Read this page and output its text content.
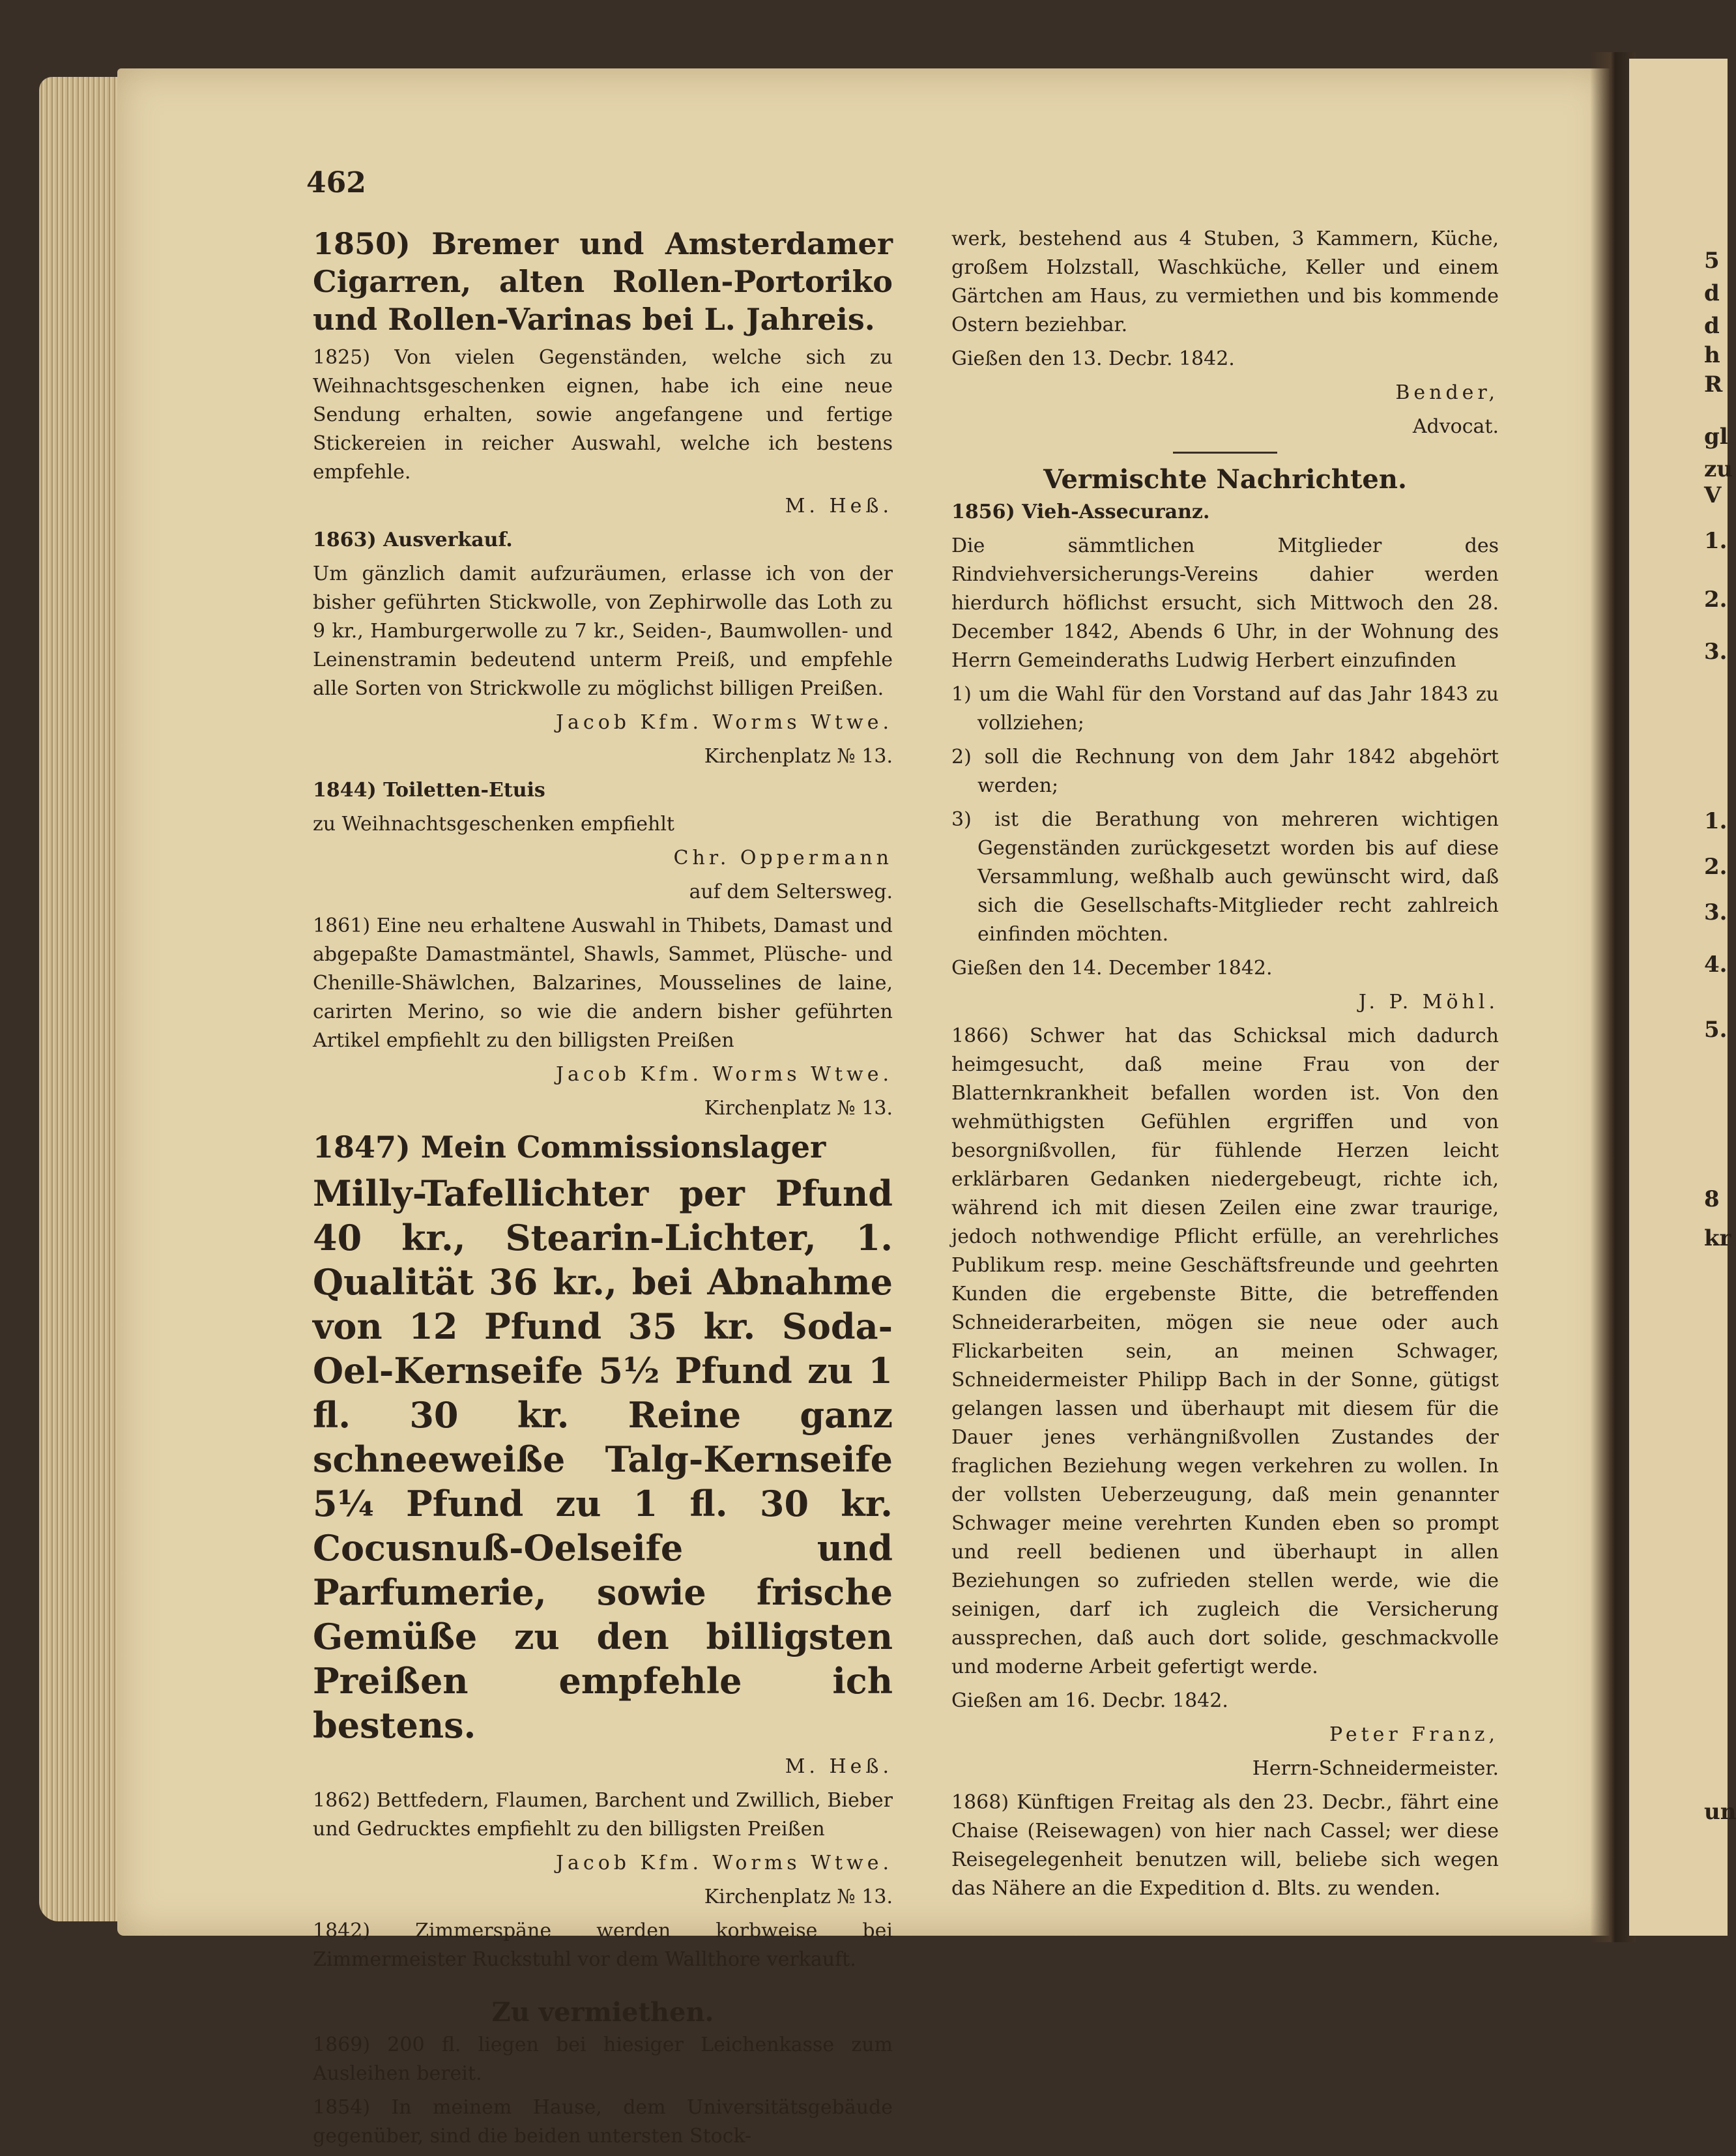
462

1850) Bremer und Amsterdamer Cigarren, alten Rollen-Portoriko und Rollen-Varinas bei L. Jahreis.

1825) Von vielen Gegenständen, welche sich zu Weihnachtsgeschenken eignen, habe ich eine neue Sendung erhalten, sowie angefangene und fertige Stickereien in reicher Auswahl, welche ich bestens empfehle.

M. Heß.

1863) Ausverkauf.

Um gänzlich damit aufzuräumen, erlasse ich von der bisher geführten Stickwolle, von Zephirwolle das Loth zu 9 kr., Hamburgerwolle zu 7 kr., Seiden-, Baumwollen- und Leinenstramin bedeutend unterm Preiß, und empfehle alle Sorten von Strickwolle zu möglichst billigen Preißen.

Jacob Kfm. Worms Wtwe.

Kirchenplatz № 13.

1844) Toiletten-Etuis

zu Weihnachtsgeschenken empfiehlt

Chr. Oppermann

auf dem Seltersweg.

1861) Eine neu erhaltene Auswahl in Thibets, Damast und abgepaßte Damastmäntel, Shawls, Sammet, Plüsche- und Chenille-Shäwlchen, Balzarines, Mousselines de laine, carirten Merino, so wie die andern bisher geführten Artikel empfiehlt zu den billigsten Preißen

Jacob Kfm. Worms Wtwe.

Kirchenplatz № 13.

1847) Mein Commissionslager

Milly-Tafellichter per Pfund 40 kr., Stearin-Lichter, 1. Qualität 36 kr., bei Abnahme von 12 Pfund 35 kr. Soda-Oel-Kernseife 5½ Pfund zu 1 fl. 30 kr. Reine ganz schneeweiße Talg-Kernseife 5¼ Pfund zu 1 fl. 30 kr. Cocusnuß-Oelseife und Parfumerie, sowie frische Gemüße zu den billigsten Preißen empfehle ich bestens.

M. Heß.

1862) Bettfedern, Flaumen, Barchent und Zwillich, Bieber und Gedrucktes empfiehlt zu den billigsten Preißen

Jacob Kfm. Worms Wtwe.

Kirchenplatz № 13.

1842) Zimmerspäne werden korbweise bei Zimmermeister Ruckstuhl vor dem Wallthore verkauft.

Zu vermiethen.

1869) 200 fl. liegen bei hiesiger Leichenkasse zum Ausleihen bereit.

1854) In meinem Hause, dem Universitätsgebäude gegenüber, sind die beiden untersten Stock-

werk, bestehend aus 4 Stuben, 3 Kammern, Küche, großem Holzstall, Waschküche, Keller und einem Gärtchen am Haus, zu vermiethen und bis kommende Ostern beziehbar.

Gießen den 13. Decbr. 1842.

Bender,

Advocat.

Vermischte Nachrichten.

1856) Vieh-Assecuranz.

Die sämmtlichen Mitglieder des Rindviehversicherungs-Vereins dahier werden hierdurch höflichst ersucht, sich Mittwoch den 28. December 1842, Abends 6 Uhr, in der Wohnung des Herrn Gemeinderaths Ludwig Herbert einzufinden

1) um die Wahl für den Vorstand auf das Jahr 1843 zu vollziehen;

2) soll die Rechnung von dem Jahr 1842 abgehört werden;

3) ist die Berathung von mehreren wichtigen Gegenständen zurückgesetzt worden bis auf diese Versammlung, weßhalb auch gewünscht wird, daß sich die Gesellschafts-Mitglieder recht zahlreich einfinden möchten.

Gießen den 14. December 1842.

J. P. Möhl.

1866) Schwer hat das Schicksal mich dadurch heimgesucht, daß meine Frau von der Blatternkrankheit befallen worden ist. Von den wehmüthigsten Gefühlen ergriffen und von besorgnißvollen, für fühlende Herzen leicht erklärbaren Gedanken niedergebeugt, richte ich, während ich mit diesen Zeilen eine zwar traurige, jedoch nothwendige Pflicht erfülle, an verehrliches Publikum resp. meine Geschäftsfreunde und geehrten Kunden die ergebenste Bitte, die betreffenden Schneiderarbeiten, mögen sie neue oder auch Flickarbeiten sein, an meinen Schwager, Schneidermeister Philipp Bach in der Sonne, gütigst gelangen lassen und überhaupt mit diesem für die Dauer jenes verhängnißvollen Zustandes der fraglichen Beziehung wegen verkehren zu wollen. In der vollsten Ueberzeugung, daß mein genannter Schwager meine verehrten Kunden eben so prompt und reell bedienen und überhaupt in allen Beziehungen so zufrieden stellen werde, wie die seinigen, darf ich zugleich die Versicherung aussprechen, daß auch dort solide, geschmackvolle und moderne Arbeit gefertigt werde.

Gießen am 16. Decbr. 1842.

Peter Franz,

Herrn-Schneidermeister.

1868) Künftigen Freitag als den 23. Decbr., fährt eine Chaise (Reisewagen) von hier nach Cassel; wer diese Reisegelegenheit benutzen will, beliebe sich wegen das Nähere an die Expedition d. Blts. zu wenden.

5
d
d
h
R
gl
zu
V
1.
2.
3.
1.
2.
3.
4.
5.
8
kr
un
